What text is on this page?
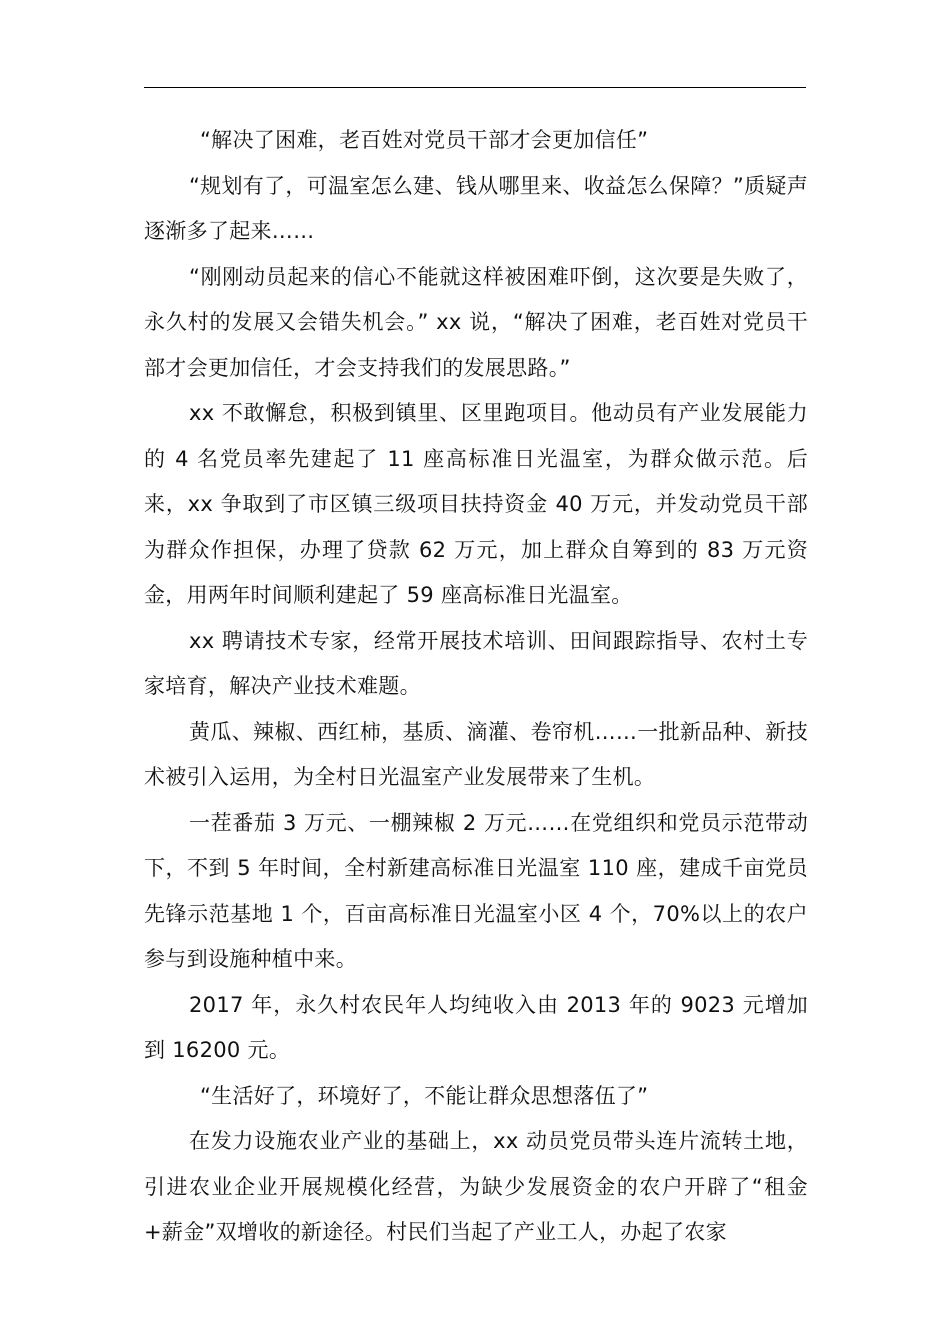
“解决了困难，老百姓对党员干部才会更加信任”

“规划有了，可温室怎么建、钱从哪里来、收益怎么保障？”质疑声逐渐多了起来……

“刚刚动员起来的信心不能就这样被困难吓倒，这次要是失败了，永久村的发展又会错失机会。” xx 说，“解决了困难，老百姓对党员干部才会更加信任，才会支持我们的发展思路。”

xx 不敢懈怠，积极到镇里、区里跑项目。他动员有产业发展能力的 4 名党员率先建起了 11 座高标准日光温室，为群众做示范。后来，xx 争取到了市区镇三级项目扶持资金 40 万元，并发动党员干部为群众作担保，办理了贷款 62 万元，加上群众自筹到的 83 万元资金，用两年时间顺利建起了 59 座高标准日光温室。

xx 聘请技术专家，经常开展技术培训、田间跟踪指导、农村土专家培育，解决产业技术难题。

黄瓜、辣椒、西红柿，基质、滴灌、卷帘机……一批新品种、新技术被引入运用，为全村日光温室产业发展带来了生机。

一茬番茄 3 万元、一棚辣椒 2 万元……在党组织和党员示范带动下，不到 5 年时间，全村新建高标准日光温室 110 座，建成千亩党员先锋示范基地 1 个，百亩高标准日光温室小区 4 个，70%以上的农户参与到设施种植中来。

2017 年，永久村农民年人均纯收入由 2013 年的 9023 元增加到 16200 元。

“生活好了，环境好了，不能让群众思想落伍了”

在发力设施农业产业的基础上，xx 动员党员带头连片流转土地，引进农业企业开展规模化经营，为缺少发展资金的农户开辟了“租金+薪金”双增收的新途径。村民们当起了产业工人，办起了农家
